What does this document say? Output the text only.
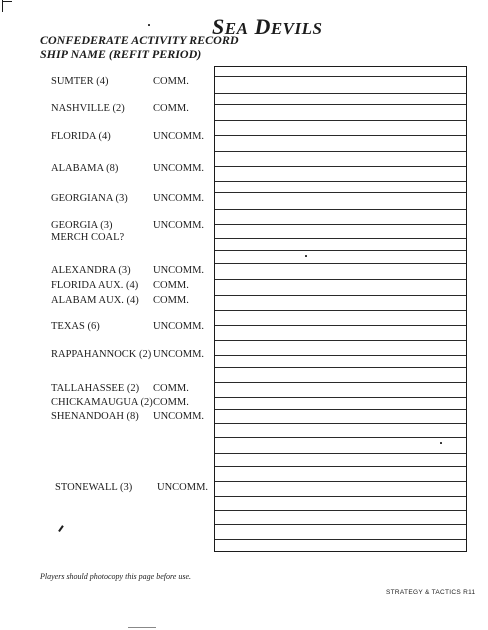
SEA DEVILS
CONFEDERATE ACTIVITY RECORD
SHIP NAME (REFIT PERIOD)
SUMTER (4)	COMM.
NASHVILLE (2)	COMM.
FLORIDA (4)	UNCOMM.
ALABAMA (8)	UNCOMM.
GEORGIANA (3) UNCOMM.
GEORGIA (3)	UNCOMM.
MERCH COAL?
ALEXANDRA (3) UNCOMM.
FLORIDA AUX. (4) COMM.
ALABAM AUX. (4) COMM.
TEXAS (6)	UNCOMM.
RAPPAHANNOCK (2) UNCOMM.
TALLAHASSEE (2) COMM.
CHICKAMAUGUA (2) COMM.
SHENANDOAH (8) UNCOMM.
STONEWALL (3) UNCOMM.
Players should photocopy this page before use.
STRATEGY & TACTICS R11
